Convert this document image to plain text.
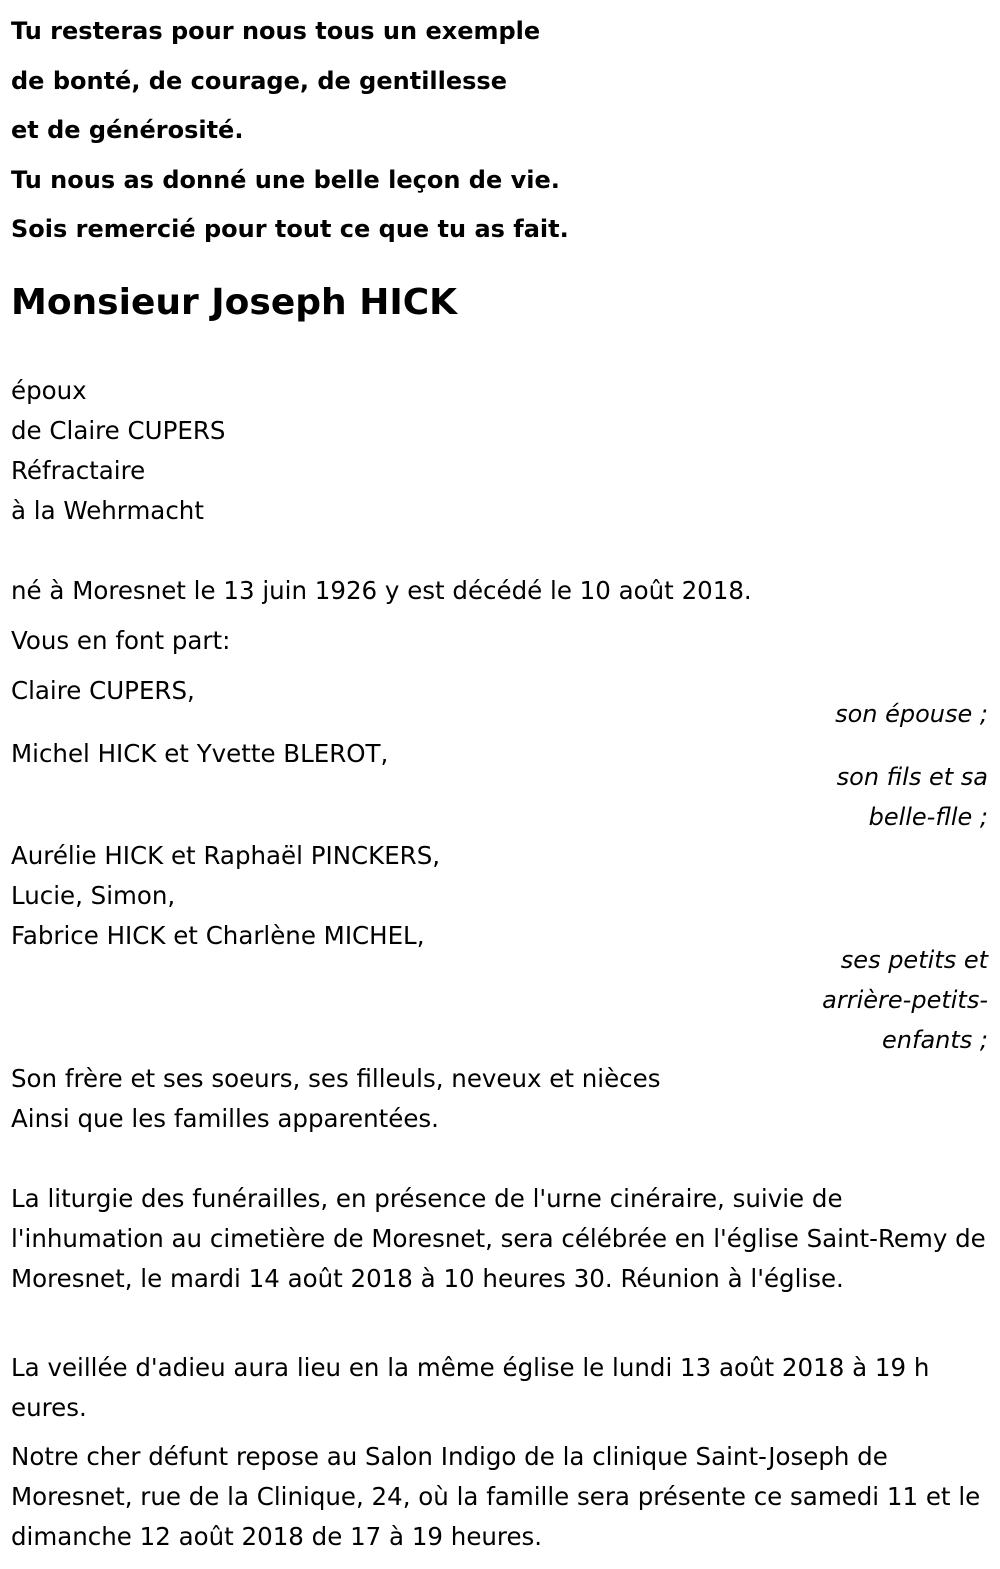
Tu resteras pour nous tous un exemple
de bonté, de courage, de gentillesse
et de générosité.
Tu nous as donné une belle leçon de vie.
Sois remercié pour tout ce que tu as fait.
Monsieur Joseph HICK
époux
de Claire CUPERS
Réfractaire
à la Wehrmacht
né à Moresnet le 13 juin 1926 y est décédé le 10 août 2018.
Vous en font part:
Claire CUPERS,
son épouse ;
Michel HICK et Yvette BLEROT,
son fils et sa
belle-flle ;
Aurélie HICK et Raphaël PINCKERS,
Lucie, Simon,
Fabrice HICK et Charlène MICHEL,
ses petits et
arrière-petits-
enfants ;
Son frère et ses soeurs, ses filleuls, neveux et nièces
Ainsi que les familles apparentées.
La liturgie des funérailles, en présence de l'urne cinéraire, suivie de l'inhumation au cimetière de Moresnet, sera célébrée en l'église Saint-Remy de Moresnet, le mardi 14 août 2018 à 10 heures 30. Réunion à l'église.
La veillée d'adieu aura lieu en la même église le lundi 13 août 2018 à 19 h eures.
Notre cher défunt repose au Salon Indigo de la clinique Saint-Joseph de Moresnet, rue de la Clinique, 24, où la famille sera présente ce samedi 11 et le dimanche 12 août 2018 de 17 à 19 heures.
